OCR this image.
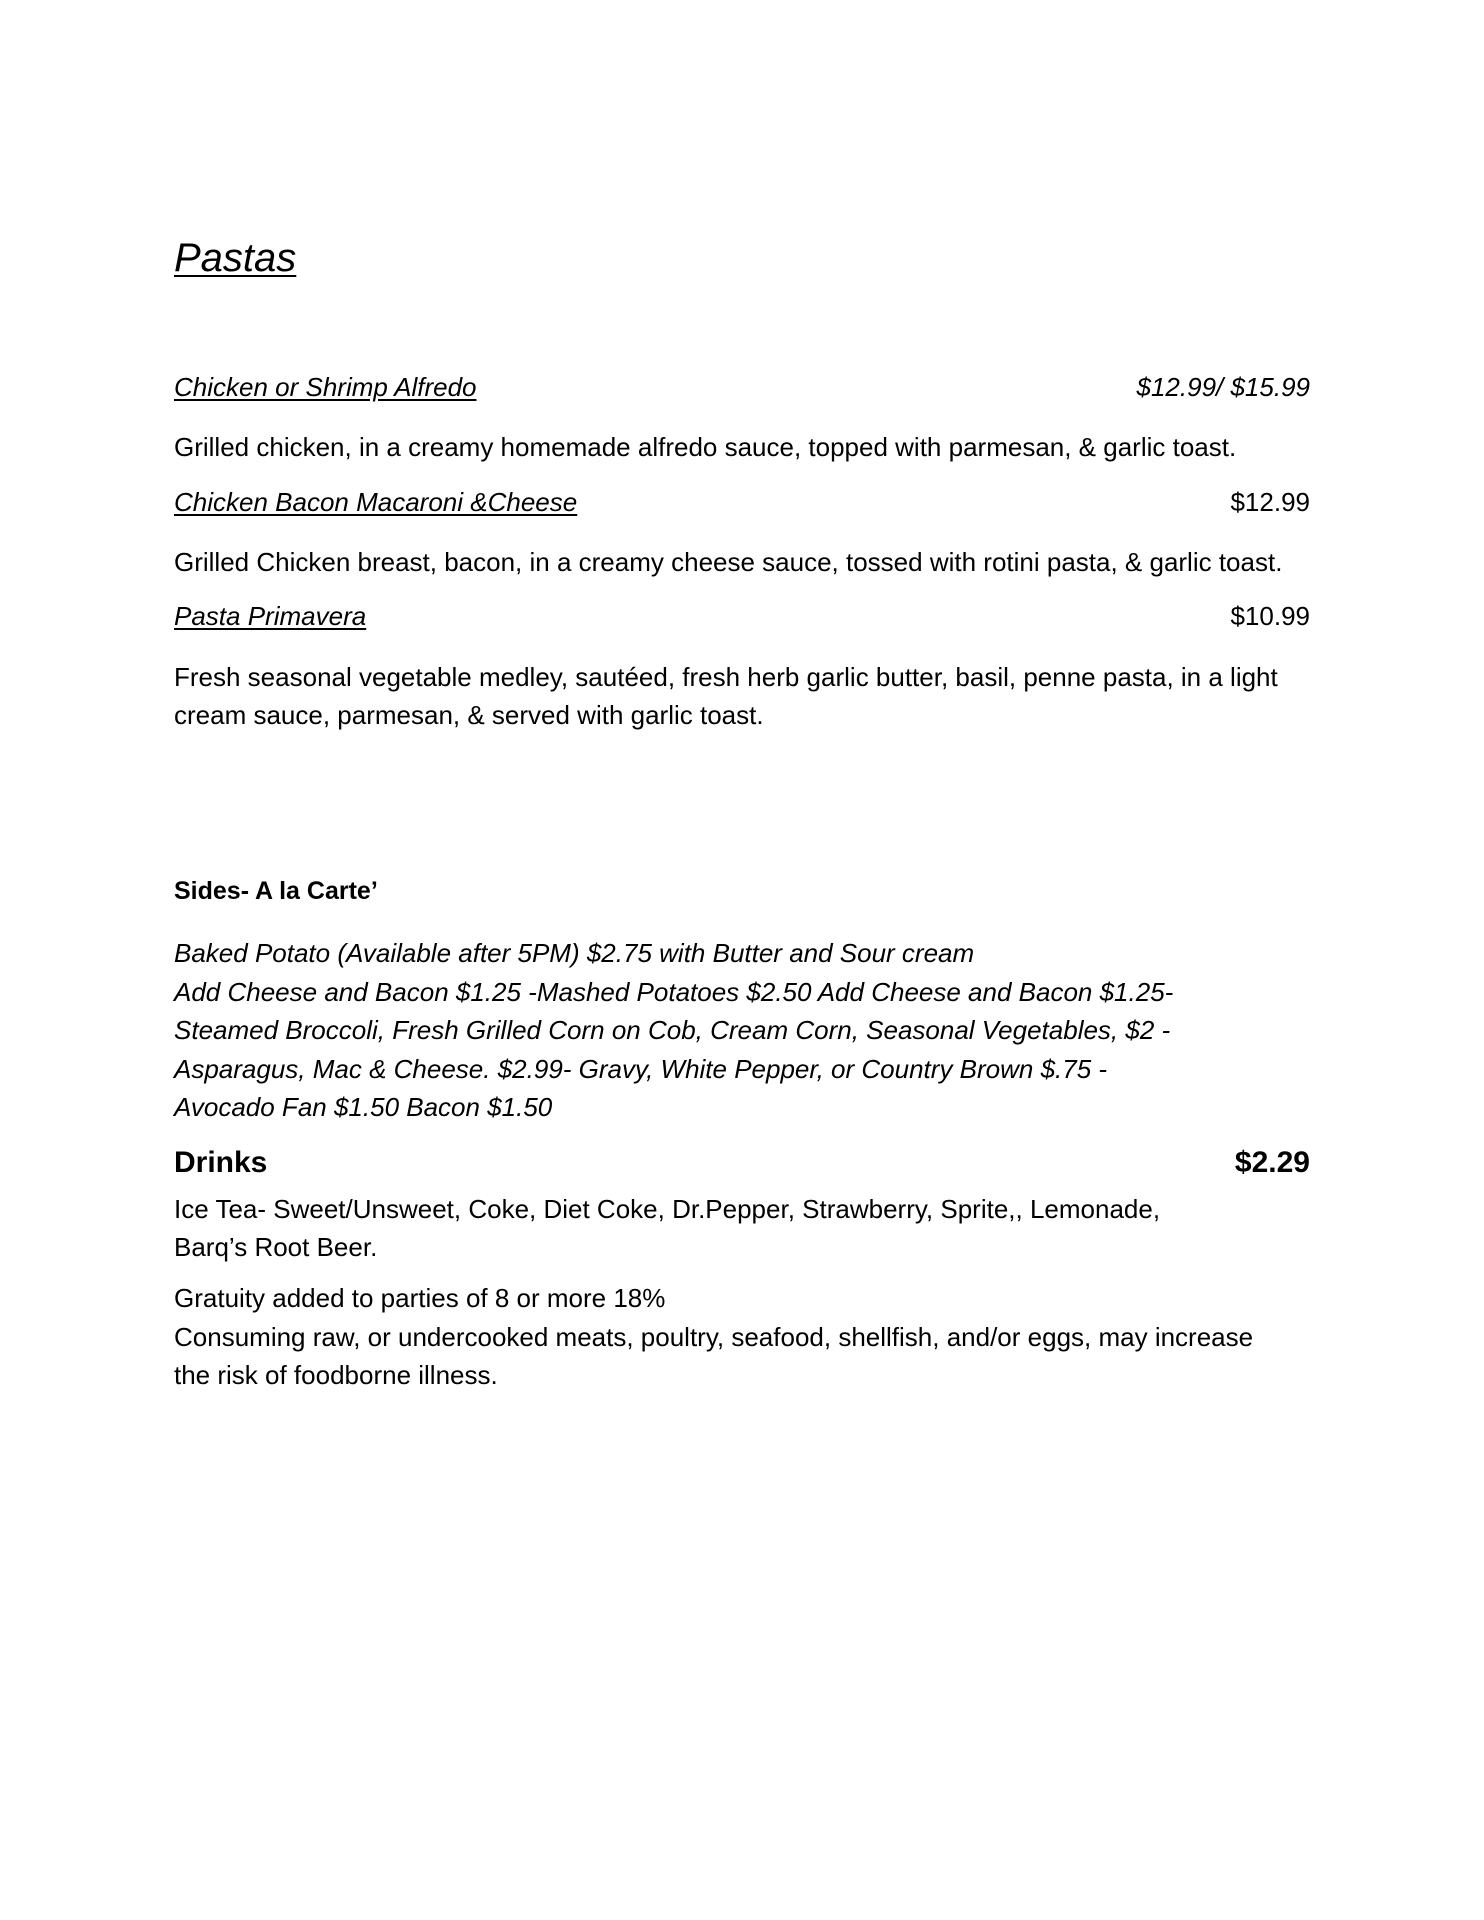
Pastas
Chicken or Shrimp Alfredo	$12.99/ $15.99
Grilled chicken, in a creamy homemade alfredo sauce, topped with parmesan, & garlic toast.
Chicken Bacon Macaroni &Cheese	$12.99
Grilled Chicken breast, bacon, in a creamy cheese sauce, tossed with rotini pasta, & garlic toast.
Pasta Primavera	$10.99
Fresh seasonal vegetable medley, sautéed, fresh herb garlic butter, basil, penne pasta, in a light
cream sauce, parmesan, & served with garlic toast.
Sides- A la Carte’
Baked Potato (Available after 5PM) $2.75 with Butter and Sour cream
Add Cheese and Bacon $1.25 -Mashed Potatoes $2.50 Add Cheese and Bacon $1.25-
Steamed Broccoli, Fresh Grilled Corn on Cob, Cream Corn, Seasonal Vegetables, $2 -
Asparagus, Mac & Cheese. $2.99- Gravy, White Pepper, or Country Brown $.75 -
Avocado Fan $1.50 Bacon $1.50
Drinks	$2.29
Ice Tea- Sweet/Unsweet, Coke, Diet Coke, Dr.Pepper, Strawberry, Sprite,, Lemonade,
Barq’s Root Beer.
Gratuity added to parties of 8 or more 18%
Consuming raw, or undercooked meats, poultry, seafood, shellfish, and/or eggs, may increase
the risk of foodborne illness.
